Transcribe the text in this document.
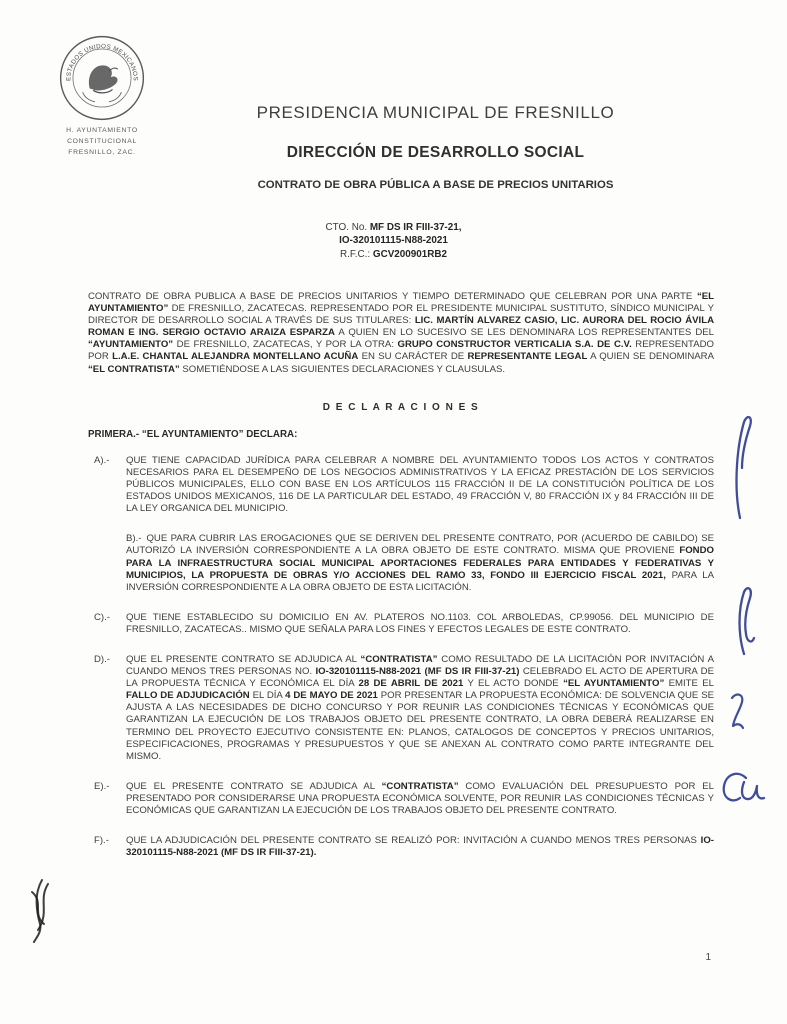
ESTADOS UNIDOS MEXICANOS
H. AYUNTAMIENTO
CONSTITUCIONAL
FRESNILLO, ZAC.
PRESIDENCIA MUNICIPAL DE FRESNILLO
DIRECCIÓN DE DESARROLLO SOCIAL
CONTRATO DE OBRA PÚBLICA A BASE DE PRECIOS UNITARIOS
CTO. No. MF DS IR FIII-37-21,
IO-320101115-N88-2021
R.F.C.: GCV200901RB2

CONTRATO DE OBRA PUBLICA A BASE DE PRECIOS UNITARIOS Y TIEMPO DETERMINADO QUE CELEBRAN POR UNA PARTE “EL AYUNTAMIENTO” DE FRESNILLO, ZACATECAS. REPRESENTADO POR EL PRESIDENTE MUNICIPAL SUSTITUTO, SÍNDICO MUNICIPAL Y DIRECTOR DE DESARROLLO SOCIAL A TRAVÉS DE SUS TITULARES: LIC. MARTÍN ALVAREZ CASIO, LIC. AURORA DEL ROCIO ÁVILA ROMAN E ING. SERGIO OCTAVIO ARAIZA ESPARZA A QUIEN EN LO SUCESIVO SE LES DENOMINARA LOS REPRESENTANTES DEL “AYUNTAMIENTO” DE FRESNILLO, ZACATECAS, Y POR LA OTRA: GRUPO CONSTRUCTOR VERTICALIA S.A. DE C.V. REPRESENTADO POR L.A.E. CHANTAL ALEJANDRA MONTELLANO ACUÑA EN SU CARÁCTER DE REPRESENTANTE LEGAL A QUIEN SE DENOMINARA “EL CONTRATISTA” SOMETIÉNDOSE A LAS SIGUIENTES DECLARACIONES Y CLAUSULAS.

D E C L A R A C I O N E S
PRIMERA.- “EL AYUNTAMIENTO” DECLARA:
A).-	QUE TIENE CAPACIDAD JURÍDICA PARA CELEBRAR A NOMBRE DEL AYUNTAMIENTO TODOS LOS ACTOS Y CONTRATOS NECESARIOS PARA EL DESEMPEÑO DE LOS NEGOCIOS ADMINISTRATIVOS Y LA EFICAZ PRESTACIÓN DE LOS SERVICIOS PÚBLICOS MUNICIPALES, ELLO CON BASE EN LOS ARTÍCULOS 115 FRACCIÓN II DE LA CONSTITUCIÓN POLÍTICA DE LOS ESTADOS UNIDOS MEXICANOS, 116 DE LA PARTICULAR DEL ESTADO, 49 FRACCIÓN V, 80 FRACCIÓN IX y 84 FRACCIÓN III DE LA LEY ORGANICA DEL MUNICIPIO.

B).- QUE PARA CUBRIR LAS EROGACIONES QUE SE DERIVEN DEL PRESENTE CONTRATO, POR (ACUERDO DE CABILDO) SE AUTORIZÓ LA INVERSIÓN CORRESPONDIENTE A LA OBRA OBJETO DE ESTE CONTRATO. MISMA QUE PROVIENE FONDO PARA LA INFRAESTRUCTURA SOCIAL MUNICIPAL APORTACIONES FEDERALES PARA ENTIDADES Y FEDERATIVAS Y MUNICIPIOS, LA PROPUESTA DE OBRAS Y/O ACCIONES DEL RAMO 33, FONDO III EJERCICIO FISCAL 2021, PARA LA INVERSIÓN CORRESPONDIENTE A LA OBRA OBJETO DE ESTA LICITACIÓN.

C).-	QUE TIENE ESTABLECIDO SU DOMICILIO EN AV. PLATEROS NO.1103. COL ARBOLEDAS, CP.99056. DEL MUNICIPIO DE FRESNILLO, ZACATECAS.. MISMO QUE SEÑALA PARA LOS FINES Y EFECTOS LEGALES DE ESTE CONTRATO.

D).-	QUE EL PRESENTE CONTRATO SE ADJUDICA AL “CONTRATISTA” COMO RESULTADO DE LA LICITACIÓN POR INVITACIÓN A CUANDO MENOS TRES PERSONAS NO. IO-320101115-N88-2021 (MF DS IR FIII-37-21) CELEBRADO EL ACTO DE APERTURA DE LA PROPUESTA TÉCNICA Y ECONÓMICA EL DÍA 28 DE ABRIL DE 2021 Y EL ACTO DONDE “EL AYUNTAMIENTO” EMITE EL FALLO DE ADJUDICACIÓN EL DÍA 4 DE MAYO DE 2021 POR PRESENTAR LA PROPUESTA ECONÓMICA: DE SOLVENCIA QUE SE AJUSTA A LAS NECESIDADES DE DICHO CONCURSO Y POR REUNIR LAS CONDICIONES TÉCNICAS Y ECONÓMICAS QUE GARANTIZAN LA EJECUCIÓN DE LOS TRABAJOS OBJETO DEL PRESENTE CONTRATO, LA OBRA DEBERÁ REALIZARSE EN TERMINO DEL PROYECTO EJECUTIVO CONSISTENTE EN: PLANOS, CATALOGOS DE CONCEPTOS Y PRECIOS UNITARIOS, ESPECIFICACIONES, PROGRAMAS Y PRESUPUESTOS Y QUE SE ANEXAN AL CONTRATO COMO PARTE INTEGRANTE DEL MISMO.

E).-	QUE EL PRESENTE CONTRATO SE ADJUDICA AL “CONTRATISTA” COMO EVALUACIÓN DEL PRESUPUESTO POR EL PRESENTADO POR CONSIDERARSE UNA PROPUESTA ECONÓMICA SOLVENTE, POR REUNIR LAS CONDICIONES TÉCNICAS Y ECONÓMICAS QUE GARANTIZAN LA EJECUCIÓN DE LOS TRABAJOS OBJETO DEL PRESENTE CONTRATO.

F).-	QUE LA ADJUDICACIÓN DEL PRESENTE CONTRATO SE REALIZÓ POR: INVITACIÓN A CUANDO MENOS TRES PERSONAS IO-320101115-N88-2021 (MF DS IR FIII-37-21).

1
